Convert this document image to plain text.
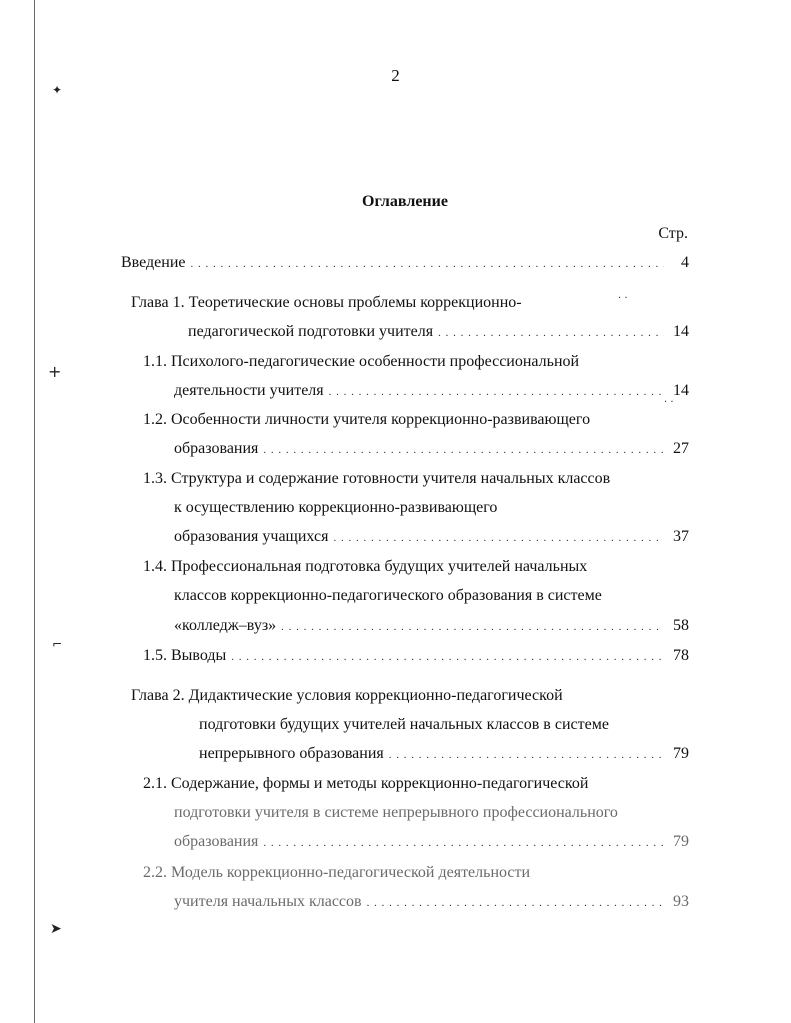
✦
+
⌐
➤
· ·
· ·
2
Оглавление
Стр.
Введение . . .	4
Глава 1. Теоретические основы проблемы коррекционно-
педагогической подготовки учителя . . .	14
1.1. Психолого-педагогические особенности профессиональной
деятельности учителя . . .	14
1.2. Особенности личности учителя коррекционно-развивающего
образования . . .	27
1.3. Структура и содержание готовности учителя начальных классов
к осуществлению коррекционно-развивающего
образования учащихся . . .	37
1.4. Профессиональная подготовка будущих учителей начальных
классов коррекционно-педагогического образования в системе
«колледж–вуз» . . .	58
1.5. Выводы . . .	78
Глава 2. Дидактические условия коррекционно-педагогической
подготовки будущих учителей начальных классов в системе
непрерывного образования . . .	79
2.1. Содержание, формы и методы коррекционно-педагогической
подготовки учителя в системе непрерывного профессионального
образования . . .	79
2.2. Модель коррекционно-педагогической деятельности
учителя начальных классов . . .	93
